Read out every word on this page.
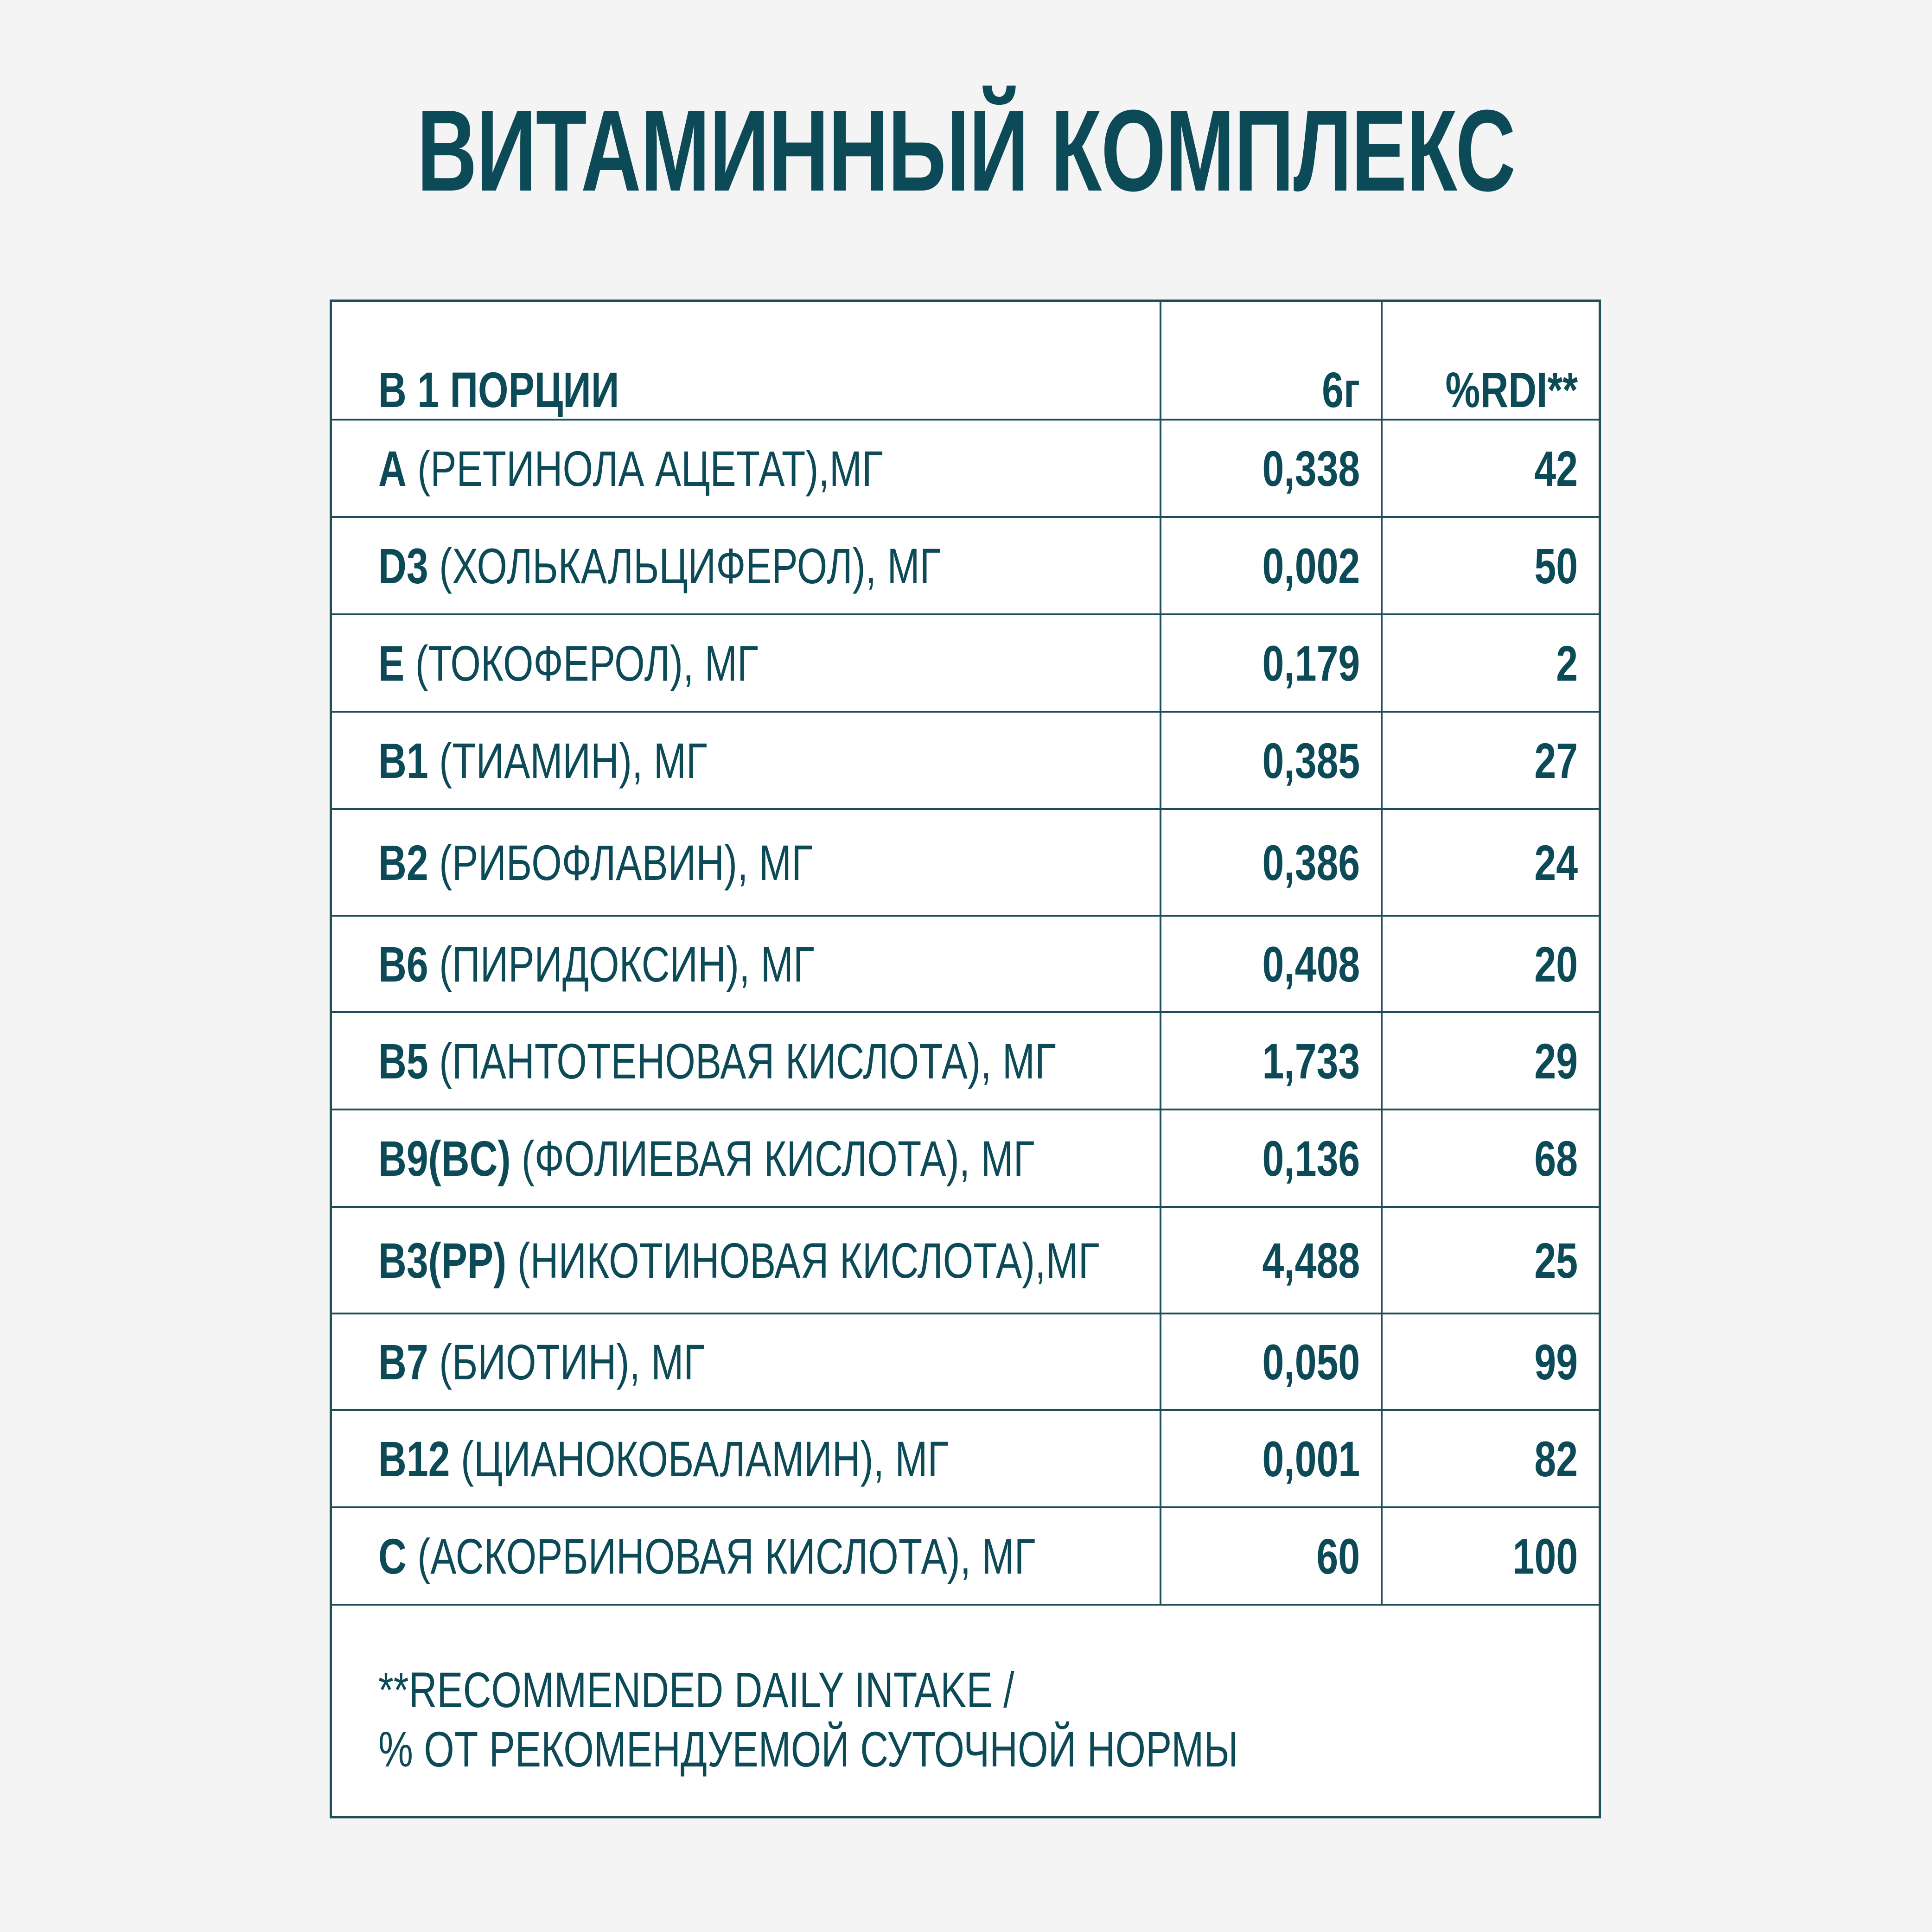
ВИТАМИННЫЙ КОМПЛЕКС
В 1 ПОРЦИИ	6г	%RDI**
A (РЕТИНОЛА АЦЕТАТ),МГ	0,338	42
D3 (ХОЛЬКАЛЬЦИФЕРОЛ), МГ	0,002	50
E (ТОКОФЕРОЛ), МГ	0,179	2
B1 (ТИАМИН), МГ	0,385	27
B2 (РИБОФЛАВИН), МГ	0,386	24
B6 (ПИРИДОКСИН), МГ	0,408	20
B5 (ПАНТОТЕНОВАЯ КИСЛОТА), МГ	1,733	29
B9(BC) (ФОЛИЕВАЯ КИСЛОТА), МГ	0,136	68
B3(PP) (НИКОТИНОВАЯ КИСЛОТА),МГ	4,488	25
B7 (БИОТИН), МГ	0,050	99
B12 (ЦИАНОКОБАЛАМИН), МГ	0,001	82
C (АСКОРБИНОВАЯ КИСЛОТА), МГ	60	100
**RECOMMENDED DAILY INTAKE /
% ОТ РЕКОМЕНДУЕМОЙ СУТОЧНОЙ НОРМЫ
